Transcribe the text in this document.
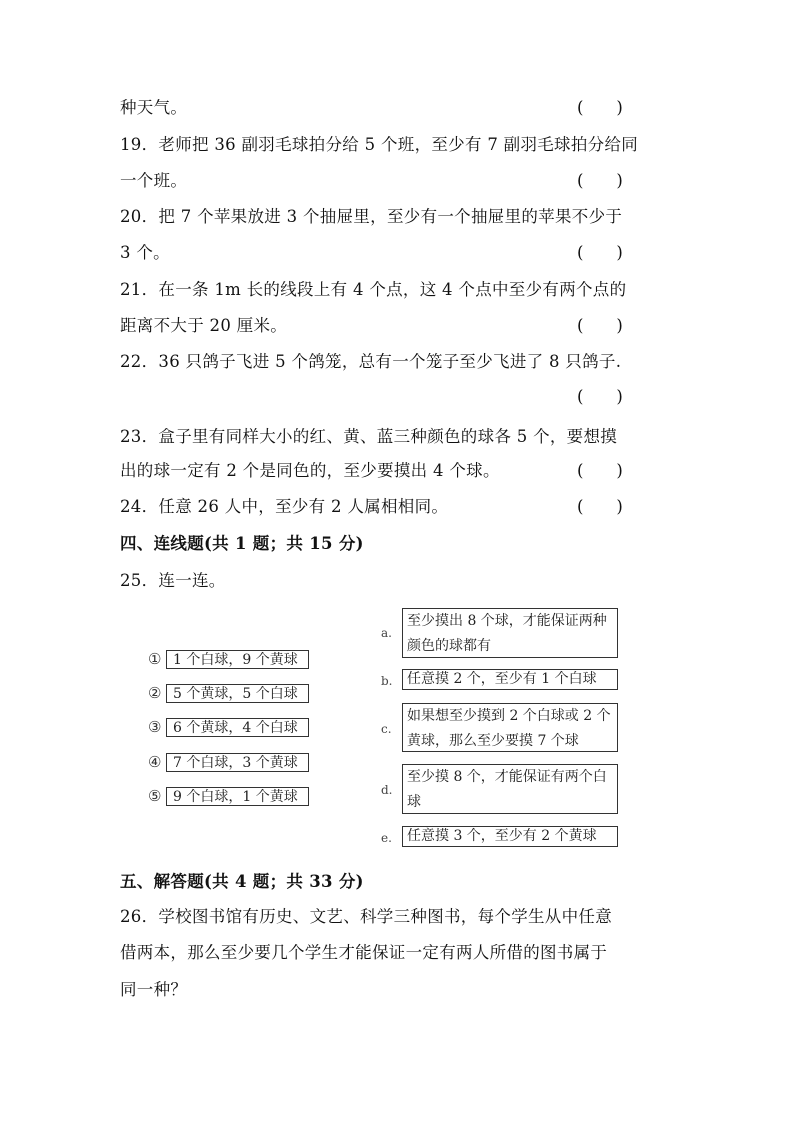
种天气。	(　　)
19．老师把 36 副羽毛球拍分给 5 个班，至少有 7 副羽毛球拍分给同
一个班。	(　　)
20．把 7 个苹果放进 3 个抽屉里，至少有一个抽屉里的苹果不少于
3 个。	(　　)
21．在一条 1m 长的线段上有 4 个点，这 4 个点中至少有两个点的
距离不大于 20 厘米。	(　　)
22．36 只鸽子飞进 5 个鸽笼，总有一个笼子至少飞进了 8 只鸽子.
(　　)
23．盒子里有同样大小的红、黄、蓝三种颜色的球各 5 个，要想摸
出的球一定有 2 个是同色的，至少要摸出 4 个球。	(　　)
24．任意 26 人中，至少有 2 人属相相同。	(　　)
四、连线题(共 1 题；共 15 分)
25．连一连。
① 1 个白球，9 个黄球
② 5 个黄球，5 个白球
③ 6 个黄球，4 个白球
④ 7 个白球，3 个黄球
⑤ 9 个白球，1 个黄球
a.
至少摸出 8 个球，才能保证两种颜色的球都有
b.	任意摸 2 个，至少有 1 个白球
c.
如果想至少摸到 2 个白球或 2 个黄球，那么至少要摸 7 个球
d.
至少摸 8 个，才能保证有两个白球
e.	任意摸 3 个，至少有 2 个黄球
五、解答题(共 4 题；共 33 分)
26．学校图书馆有历史、文艺、科学三种图书，每个学生从中任意
借两本，那么至少要几个学生才能保证一定有两人所借的图书属于
同一种？
